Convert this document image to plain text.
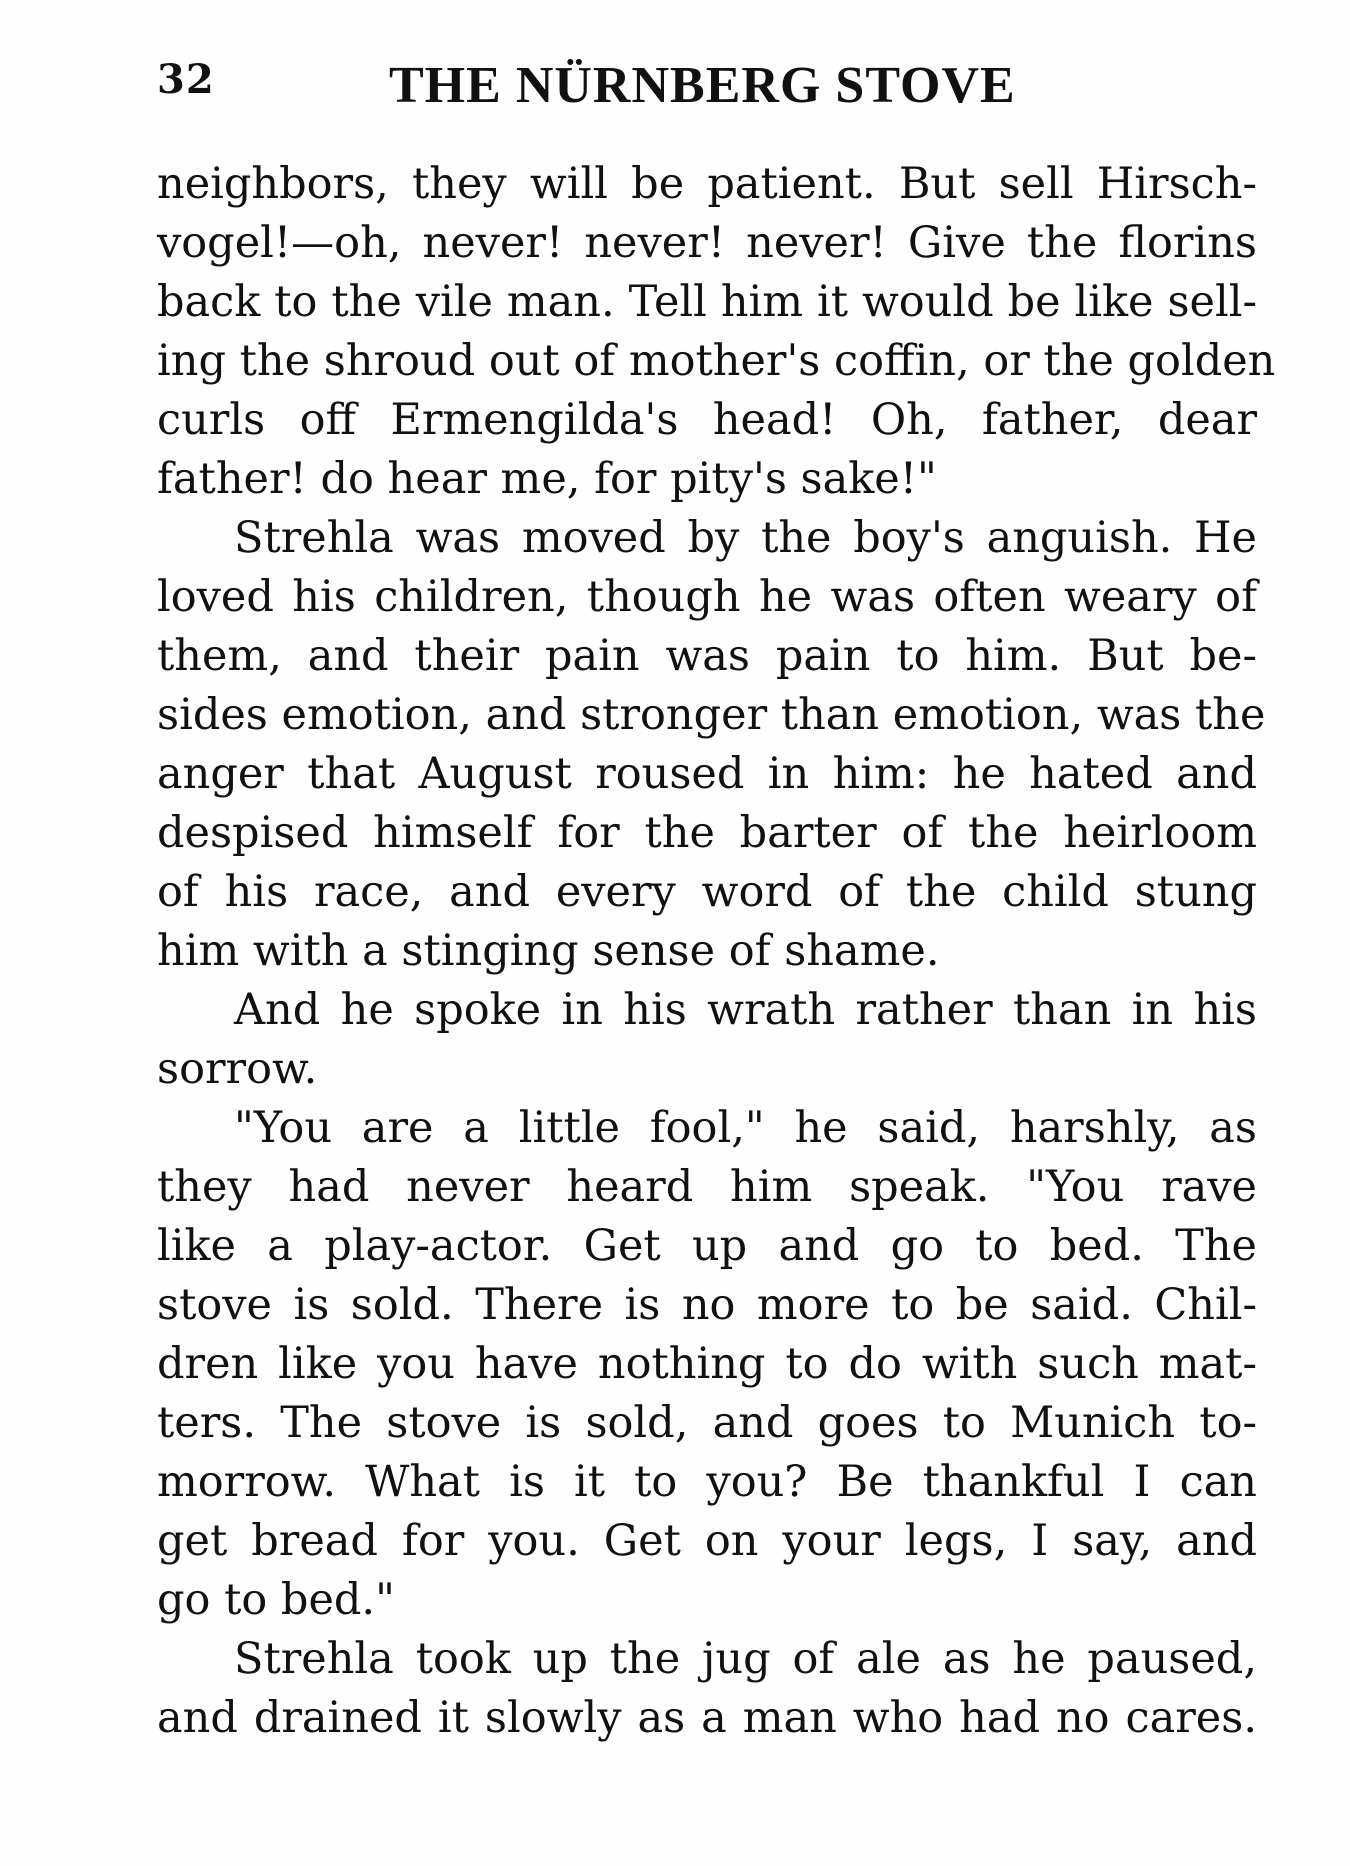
32	THE NÜRNBERG STOVE
neighbors, they will be patient. But sell Hirsch-
vogel!—oh, never! never! never! Give the florins
back to the vile man. Tell him it would be like sell-
ing the shroud out of mother's coffin, or the golden
curls off Ermengilda's head! Oh, father, dear
father! do hear me, for pity's sake!"
Strehla was moved by the boy's anguish. He
loved his children, though he was often weary of
them, and their pain was pain to him. But be-
sides emotion, and stronger than emotion, was the
anger that August roused in him: he hated and
despised himself for the barter of the heirloom
of his race, and every word of the child stung
him with a stinging sense of shame.
And he spoke in his wrath rather than in his
sorrow.
"You are a little fool," he said, harshly, as
they had never heard him speak. "You rave
like a play-actor. Get up and go to bed. The
stove is sold. There is no more to be said. Chil-
dren like you have nothing to do with such mat-
ters. The stove is sold, and goes to Munich to-
morrow. What is it to you? Be thankful I can
get bread for you. Get on your legs, I say, and
go to bed."
Strehla took up the jug of ale as he paused,
and drained it slowly as a man who had no cares.
